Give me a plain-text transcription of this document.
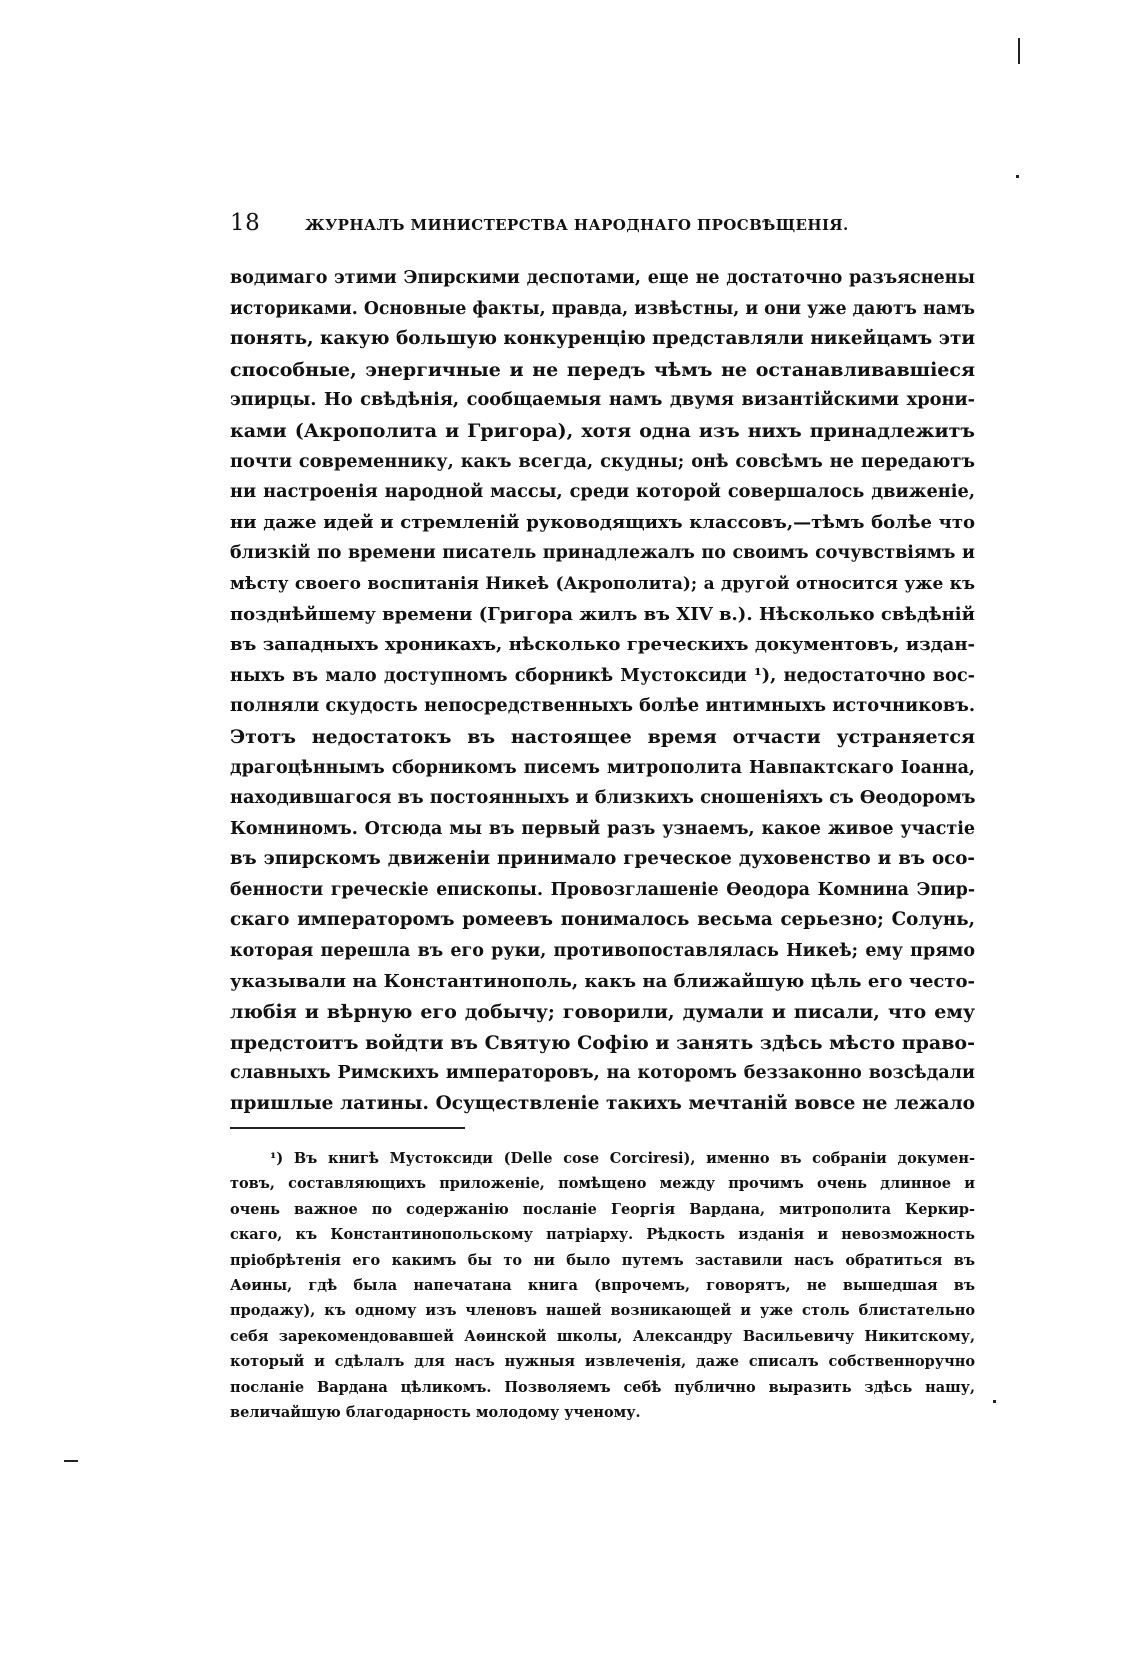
18	ЖУРНАЛЪ МИНИСТЕРСТВА НАРОДНАГО ПРОСВѢЩЕНІЯ.
водимаго этими Эпирскими деспотами, еще не достаточно разъяснены
историками. Основные факты, правда, извѣстны, и они уже даютъ намъ
понять, какую большую конкуренцію представляли никейцамъ эти
способные, энергичные и не передъ чѣмъ не останавливавшіеся
эпирцы. Но свѣдѣнія, сообщаемыя намъ двумя византійскими хрони-
ками (Акрополита и Григора), хотя одна изъ нихъ принадлежитъ
почти современнику, какъ всегда, скудны; онѣ совсѣмъ не передаютъ
ни настроенія народной массы, среди которой совершалось движеніе,
ни даже идей и стремленій руководящихъ классовъ,—тѣмъ болѣе что
близкій по времени писатель принадлежалъ по своимъ сочувствіямъ и
мѣсту своего воспитанія Никеѣ (Акрополита); а другой относится уже къ
позднѣйшему времени (Григора жилъ въ XIV в.). Нѣсколько свѣдѣній
въ западныхъ хроникахъ, нѣсколько греческихъ документовъ, издан-
ныхъ въ мало доступномъ сборникѣ Мустоксиди ¹), недостаточно вос-
полняли скудость непосредственныхъ болѣе интимныхъ источниковъ.
Этотъ недостатокъ въ настоящее время отчасти устраняется
драгоцѣннымъ сборникомъ писемъ митрополита Навпактскаго Іоанна,
находившагося въ постоянныхъ и близкихъ сношеніяхъ съ Ѳеодоромъ
Комниномъ. Отсюда мы въ первый разъ узнаемъ, какое живое участіе
въ эпирскомъ движеніи принимало греческое духовенство и въ осо-
бенности греческіе епископы. Провозглашеніе Ѳеодора Комнина Эпир-
скаго императоромъ ромеевъ понималось весьма серьезно; Солунь,
которая перешла въ его руки, противопоставлялась Никеѣ; ему прямо
указывали на Константинополь, какъ на ближайшую цѣль его често-
любія и вѣрную его добычу; говорили, думали и писали, что ему
предстоитъ войдти въ Святую Софію и занять здѣсь мѣсто право-
славныхъ Римскихъ императоровъ, на которомъ беззаконно возсѣдали
пришлые латины. Осуществленіе такихъ мечтаній вовсе не лежало
¹) Въ книгѣ Мустоксиди (Delle cose Corciresi), именно въ собраніи докумен-
товъ, составляющихъ приложеніе, помѣщено между прочимъ очень длинное и
очень важное по содержанію посланіе Георгія Вардана, митрополита Керкир-
скаго, къ Константинопольскому патріарху. Рѣдкость изданія и невозможность
пріобрѣтенія его какимъ бы то ни было путемъ заставили насъ обратиться въ
Аѳины, гдѣ была напечатана книга (впрочемъ, говорятъ, не вышедшая въ
продажу), къ одному изъ членовъ нашей возникающей и уже столь блистательно
себя зарекомендовавшей Аѳинской школы, Александру Васильевичу Никитскому,
который и сдѣлалъ для насъ нужныя извлеченія, даже списалъ собственноручно
посланіе Вардана цѣликомъ. Позволяемъ себѣ публично выразить здѣсь нашу,
величайшую благодарность молодому ученому.
